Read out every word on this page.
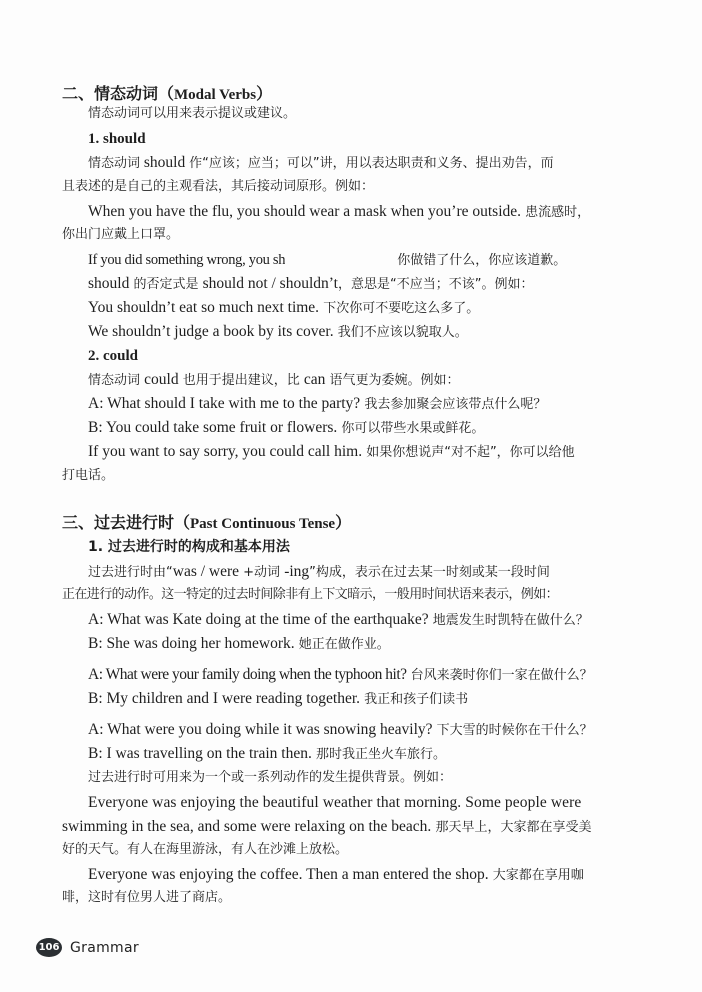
二、情态动词（Modal Verbs）
情态动词可以用来表示提议或建议。
1. should
情态动词 should 作“应该；应当；可以”讲，用以表达职责和义务、提出劝告，而
且表述的是自己的主观看法，其后接动词原形。例如：
When you have the flu, you should wear a mask when you’re outside. 患流感时，
你出门应戴上口罩。
If you did something wrong, you sh	你做错了什么，你应该道歉。
should 的否定式是 should not / shouldn’t，意思是“不应当；不该”。例如：
You shouldn’t eat so much next time. 下次你可不要吃这么多了。
We shouldn’t judge a book by its cover. 我们不应该以貌取人。
2. could
情态动词 could 也用于提出建议，比 can 语气更为委婉。例如：
A: What should I take with me to the party? 我去参加聚会应该带点什么呢？
B: You could take some fruit or flowers. 你可以带些水果或鲜花。
If you want to say sorry, you could call him. 如果你想说声“对不起”，你可以给他
打电话。
三、过去进行时（Past Continuous Tense）
1. 过去进行时的构成和基本用法
过去进行时由“was / were +动词 -ing”构成，表示在过去某一时刻或某一段时间
正在进行的动作。这一特定的过去时间除非有上下文暗示，一般用时间状语来表示，例如：
A: What was Kate doing at the time of the earthquake? 地震发生时凯特在做什么？
B: She was doing her homework. 她正在做作业。
A: What were your family doing when the typhoon hit? 台风来袭时你们一家在做什么？
B: My children and I were reading together. 我正和孩子们读书
A: What were you doing while it was snowing heavily? 下大雪的时候你在干什么？
B: I was travelling on the train then. 那时我正坐火车旅行。
过去进行时可用来为一个或一系列动作的发生提供背景。例如：
Everyone was enjoying the beautiful weather that morning. Some people were
swimming in the sea, and some were relaxing on the beach. 那天早上，大家都在享受美
好的天气。有人在海里游泳，有人在沙滩上放松。
Everyone was enjoying the coffee. Then a man entered the shop. 大家都在享用咖
啡，这时有位男人进了商店。
106 Grammar
